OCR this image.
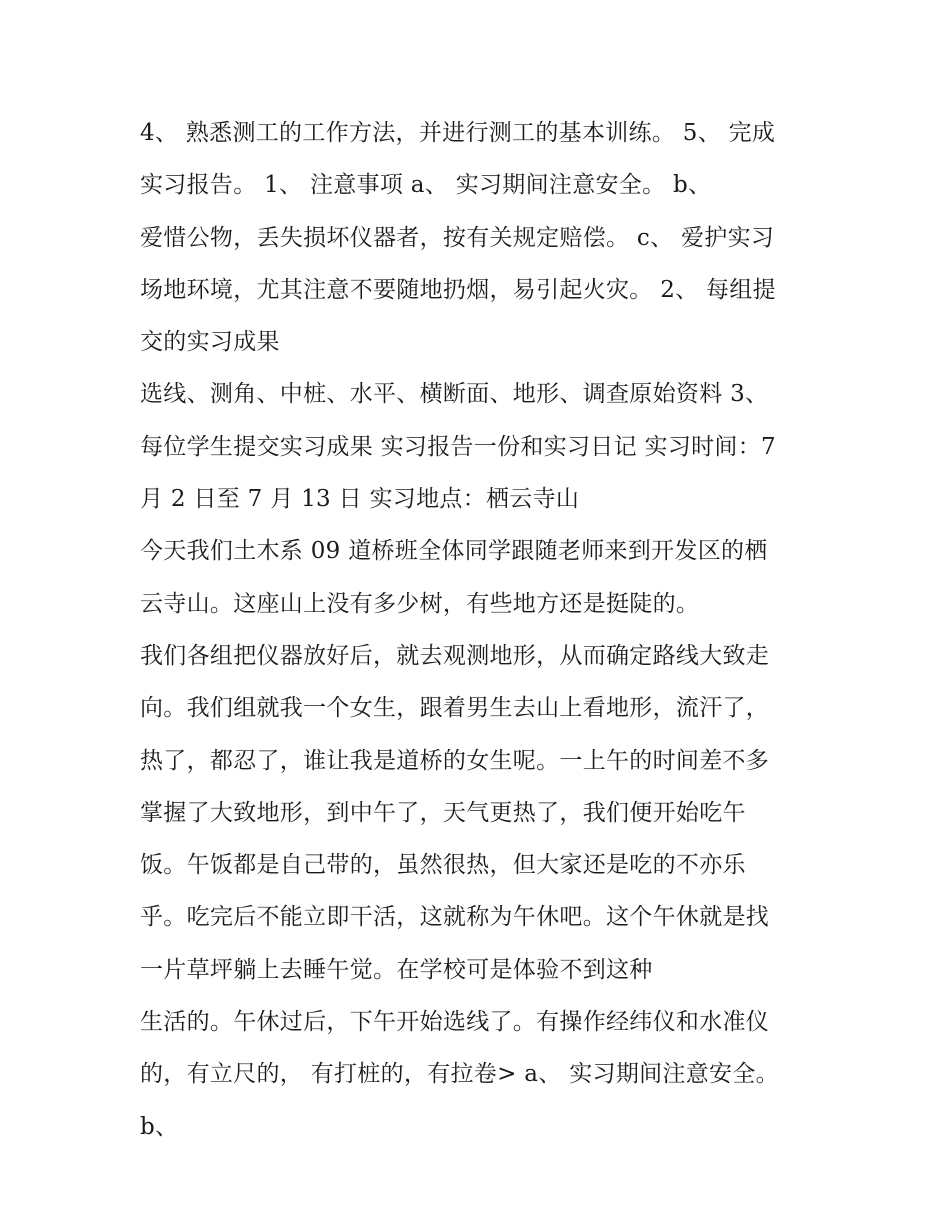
4、 熟悉测工的工作方法，并进行测工的基本训练。 5、 完成
实习报告。 1、 注意事项 a、 实习期间注意安全。 b、
爱惜公物，丢失损坏仪器者，按有关规定赔偿。 c、 爱护实习
场地环境，尤其注意不要随地扔烟，易引起火灾。 2、 每组提
交的实习成果
选线、测角、中桩、水平、横断面、地形、调查原始资料 3、
每位学生提交实习成果 实习报告一份和实习日记 实习时间：7
月 2 日至 7 月 13 日 实习地点：栖云寺山
今天我们土木系 09 道桥班全体同学跟随老师来到开发区的栖
云寺山。这座山上没有多少树，有些地方还是挺陡的。
我们各组把仪器放好后，就去观测地形，从而确定路线大致走
向。我们组就我一个女生，跟着男生去山上看地形，流汗了，
热了，都忍了，谁让我是道桥的女生呢。一上午的时间差不多
掌握了大致地形，到中午了，天气更热了，我们便开始吃午
饭。午饭都是自己带的，虽然很热，但大家还是吃的不亦乐
乎。吃完后不能立即干活，这就称为午休吧。这个午休就是找
一片草坪躺上去睡午觉。在学校可是体验不到这种
生活的。午休过后，下午开始选线了。有操作经纬仪和水准仪
的，有立尺的， 有打桩的，有拉卷> a、 实习期间注意安全。
b、
